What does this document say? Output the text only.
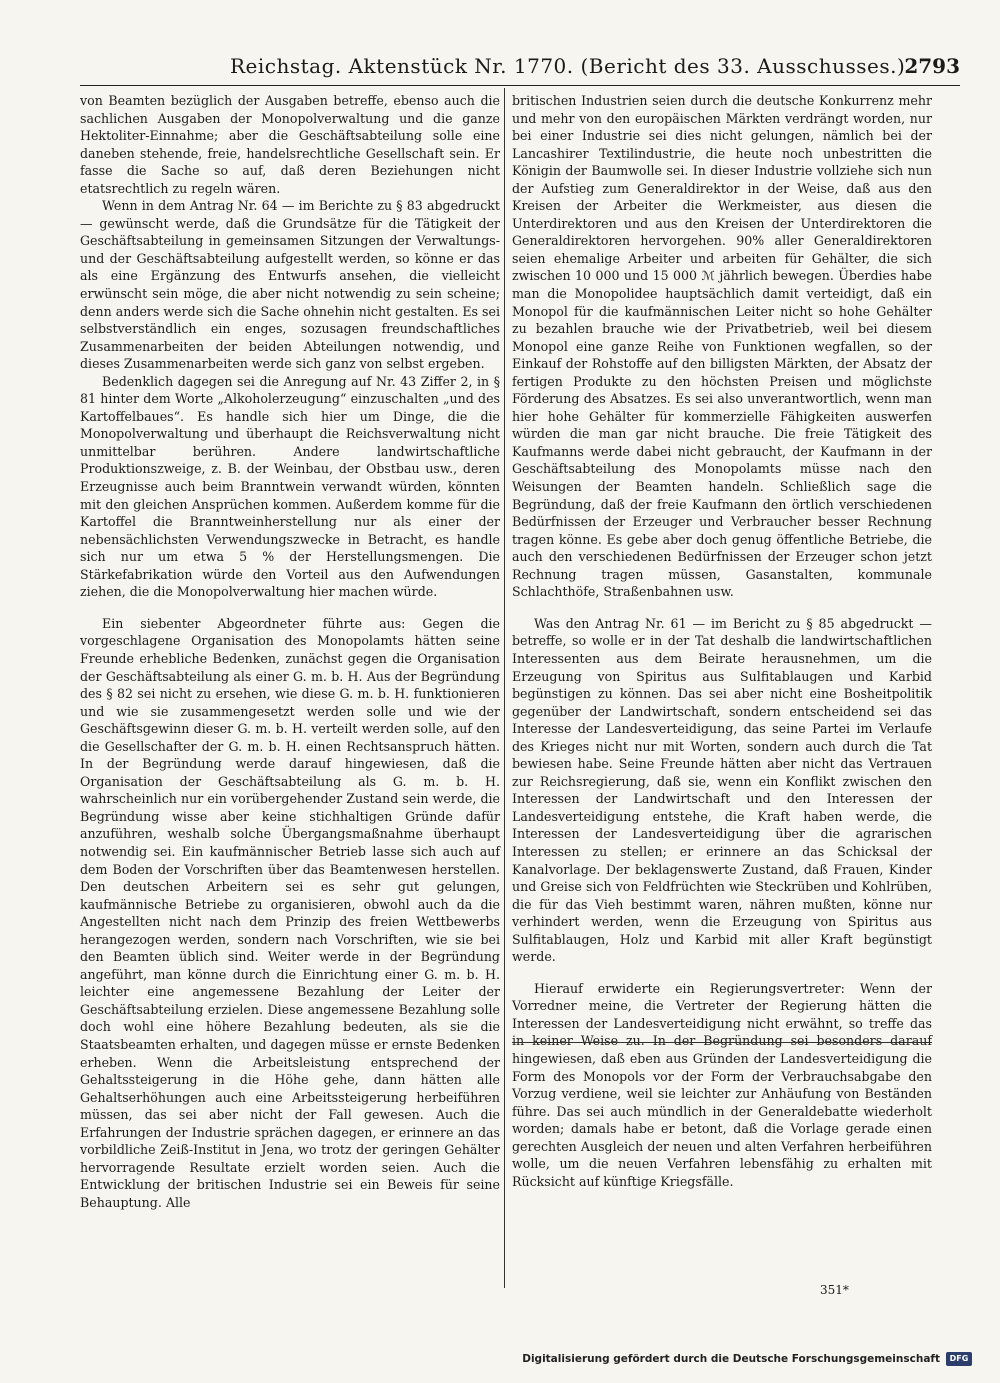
Reichstag. Aktenstück Nr. 1770. (Bericht des 33. Ausschusses.) 2793

von Beamten bezüglich der Ausgaben betreffe, ebenso auch die sachlichen Ausgaben der Monopolverwaltung und die ganze Hektoliter-Einnahme; aber die Geschäftsabteilung solle eine daneben stehende, freie, handelsrechtliche Gesellschaft sein. Er fasse die Sache so auf, daß deren Beziehungen nicht etatsrechtlich zu regeln wären.

Wenn in dem Antrag Nr. 64 — im Berichte zu § 83 abgedruckt — gewünscht werde, daß die Grundsätze für die Tätigkeit der Geschäftsabteilung in gemeinsamen Sitzungen der Verwaltungs- und der Geschäftsabteilung aufgestellt werden, so könne er das als eine Ergänzung des Entwurfs ansehen, die vielleicht erwünscht sein möge, die aber nicht notwendig zu sein scheine; denn anders werde sich die Sache ohnehin nicht gestalten. Es sei selbstverständlich ein enges, sozusagen freundschaftliches Zusammenarbeiten der beiden Abteilungen notwendig, und dieses Zusammenarbeiten werde sich ganz von selbst ergeben.

Bedenklich dagegen sei die Anregung auf Nr. 43 Ziffer 2, in § 81 hinter dem Worte „Alkoholerzeugung“ einzuschalten „und des Kartoffelbaues“. Es handle sich hier um Dinge, die die Monopolverwaltung und überhaupt die Reichsverwaltung nicht unmittelbar berühren. Andere landwirtschaftliche Produktionszweige, z. B. der Weinbau, der Obstbau usw., deren Erzeugnisse auch beim Branntwein verwandt würden, könnten mit den gleichen Ansprüchen kommen. Außerdem komme für die Kartoffel die Branntweinherstellung nur als einer der nebensächlichsten Verwendungszwecke in Betracht, es handle sich nur um etwa 5 % der Herstellungsmengen. Die Stärkefabrikation würde den Vorteil aus den Aufwendungen ziehen, die die Monopolverwaltung hier machen würde.

Ein siebenter Abgeordneter führte aus: Gegen die vorgeschlagene Organisation des Monopolamts hätten seine Freunde erhebliche Bedenken, zunächst gegen die Organisation der Geschäftsabteilung als einer G. m. b. H. Aus der Begründung des § 82 sei nicht zu ersehen, wie diese G. m. b. H. funktionieren und wie sie zusammengesetzt werden solle und wie der Geschäftsgewinn dieser G. m. b. H. verteilt werden solle, auf den die Gesellschafter der G. m. b. H. einen Rechtsanspruch hätten. In der Begründung werde darauf hingewiesen, daß die Organisation der Geschäftsabteilung als G. m. b. H. wahrscheinlich nur ein vorübergehender Zustand sein werde, die Begründung wisse aber keine stichhaltigen Gründe dafür anzuführen, weshalb solche Übergangsmaßnahme überhaupt notwendig sei. Ein kaufmännischer Betrieb lasse sich auch auf dem Boden der Vorschriften über das Beamtenwesen herstellen. Den deutschen Arbeitern sei es sehr gut gelungen, kaufmännische Betriebe zu organisieren, obwohl auch da die Angestellten nicht nach dem Prinzip des freien Wettbewerbs herangezogen werden, sondern nach Vorschriften, wie sie bei den Beamten üblich sind. Weiter werde in der Begründung angeführt, man könne durch die Einrichtung einer G. m. b. H. leichter eine angemessene Bezahlung der Leiter der Geschäftsabteilung erzielen. Diese angemessene Bezahlung solle doch wohl eine höhere Bezahlung bedeuten, als sie die Staatsbeamten erhalten, und dagegen müsse er ernste Bedenken erheben. Wenn die Arbeitsleistung entsprechend der Gehaltssteigerung in die Höhe gehe, dann hätten alle Gehaltserhöhungen auch eine Arbeitssteigerung herbeiführen müssen, das sei aber nicht der Fall gewesen. Auch die Erfahrungen der Industrie sprächen dagegen, er erinnere an das vorbildliche Zeiß-Institut in Jena, wo trotz der geringen Gehälter hervorragende Resultate erzielt worden seien. Auch die Entwicklung der britischen Industrie sei ein Beweis für seine Behauptung. Alle

britischen Industrien seien durch die deutsche Konkurrenz mehr und mehr von den europäischen Märkten verdrängt worden, nur bei einer Industrie sei dies nicht gelungen, nämlich bei der Lancashirer Textilindustrie, die heute noch unbestritten die Königin der Baumwolle sei. In dieser Industrie vollziehe sich nun der Aufstieg zum Generaldirektor in der Weise, daß aus den Kreisen der Arbeiter die Werkmeister, aus diesen die Unterdirektoren und aus den Kreisen der Unterdirektoren die Generaldirektoren hervorgehen. 90% aller Generaldirektoren seien ehemalige Arbeiter und arbeiten für Gehälter, die sich zwischen 10 000 und 15 000 ℳ jährlich bewegen. Überdies habe man die Monopolidee hauptsächlich damit verteidigt, daß ein Monopol für die kaufmännischen Leiter nicht so hohe Gehälter zu bezahlen brauche wie der Privatbetrieb, weil bei diesem Monopol eine ganze Reihe von Funktionen wegfallen, so der Einkauf der Rohstoffe auf den billigsten Märkten, der Absatz der fertigen Produkte zu den höchsten Preisen und möglichste Förderung des Absatzes. Es sei also unverantwortlich, wenn man hier hohe Gehälter für kommerzielle Fähigkeiten auswerfen würden die man gar nicht brauche. Die freie Tätigkeit des Kaufmanns werde dabei nicht gebraucht, der Kaufmann in der Geschäftsabteilung des Monopolamts müsse nach den Weisungen der Beamten handeln. Schließlich sage die Begründung, daß der freie Kaufmann den örtlich verschiedenen Bedürfnissen der Erzeuger und Verbraucher besser Rechnung tragen könne. Es gebe aber doch genug öffentliche Betriebe, die auch den verschiedenen Bedürfnissen der Erzeuger schon jetzt Rechnung tragen müssen, Gasanstalten, kommunale Schlachthöfe, Straßenbahnen usw.

Was den Antrag Nr. 61 — im Bericht zu § 85 abgedruckt — betreffe, so wolle er in der Tat deshalb die landwirtschaftlichen Interessenten aus dem Beirate herausnehmen, um die Erzeugung von Spiritus aus Sulfitablaugen und Karbid begünstigen zu können. Das sei aber nicht eine Bosheitpolitik gegenüber der Landwirtschaft, sondern entscheidend sei das Interesse der Landesverteidigung, das seine Partei im Verlaufe des Krieges nicht nur mit Worten, sondern auch durch die Tat bewiesen habe. Seine Freunde hätten aber nicht das Vertrauen zur Reichsregierung, daß sie, wenn ein Konflikt zwischen den Interessen der Landwirtschaft und den Interessen der Landesverteidigung entstehe, die Kraft haben werde, die Interessen der Landesverteidigung über die agrarischen Interessen zu stellen; er erinnere an das Schicksal der Kanalvorlage. Der beklagenswerte Zustand, daß Frauen, Kinder und Greise sich von Feldfrüchten wie Steckrüben und Kohlrüben, die für das Vieh bestimmt waren, nähren mußten, könne nur verhindert werden, wenn die Erzeugung von Spiritus aus Sulfitablaugen, Holz und Karbid mit aller Kraft begünstigt werde.

Hierauf erwiderte ein Regierungsvertreter: Wenn der Vorredner meine, die Vertreter der Regierung hätten die Interessen der Landesverteidigung nicht erwähnt, so treffe das in keiner Weise zu. In der Begründung sei besonders darauf hingewiesen, daß eben aus Gründen der Landesverteidigung die Form des Monopols vor der Form der Verbrauchsabgabe den Vorzug verdiene, weil sie leichter zur Anhäufung von Beständen führe. Das sei auch mündlich in der Generaldebatte wiederholt worden; damals habe er betont, daß die Vorlage gerade einen gerechten Ausgleich der neuen und alten Verfahren herbeiführen wolle, um die neuen Verfahren lebensfähig zu erhalten mit Rücksicht auf künftige Kriegsfälle.

351*
Digitalisierung gefördert durch die Deutsche Forschungsgemeinschaft	DFG
